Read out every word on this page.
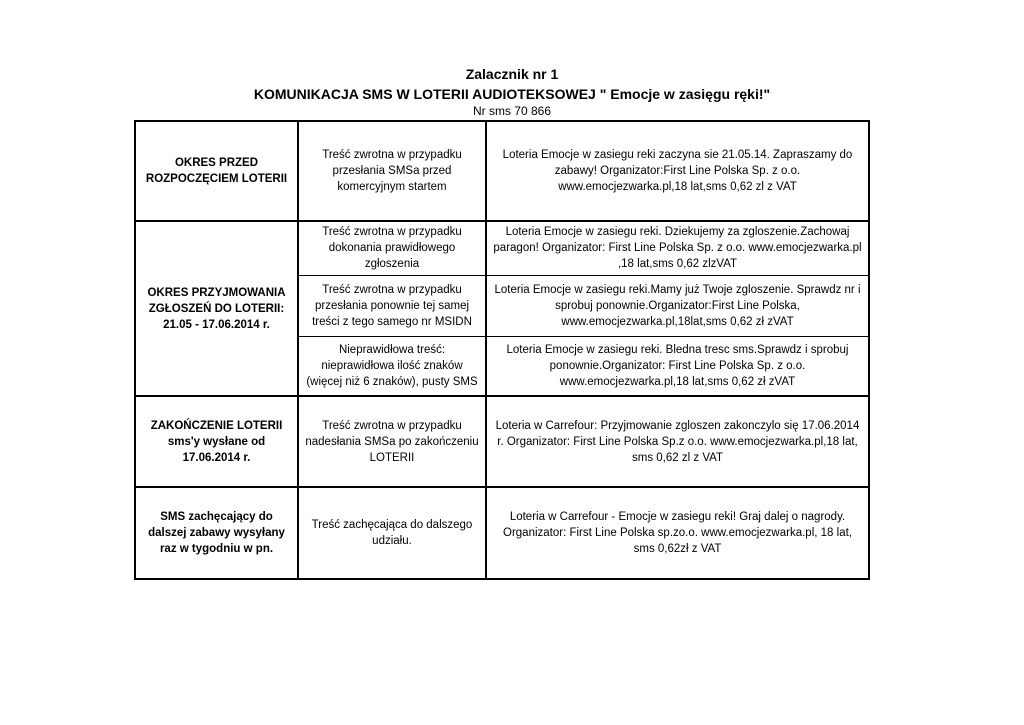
Zalacznik nr 1
KOMUNIKACJA SMS W LOTERII AUDIOTEKSOWEJ " Emocje w zasięgu ręki!"
Nr sms 70 866
OKRES PRZED ROZPOCZĘCIEM LOTERII	Treść zwrotna w przypadku przesłania SMSa przed komercyjnym startem	Loteria Emocje w zasiegu reki zaczyna sie 21.05.14. Zapraszamy do zabawy! Organizator:First Line Polska Sp. z o.o. www.emocjezwarka.pl,18 lat,sms 0,62 zl z VAT

OKRES PRZYJMOWANIA ZGŁOSZEŃ DO LOTERII: 21.05 - 17.06.2014 r.	Treść zwrotna w przypadku dokonania prawidłowego zgłoszenia	Loteria Emocje w zasiegu reki. Dziekujemy za zgloszenie.Zachowaj paragon! Organizator: First Line Polska Sp. z o.o. www.emocjezwarka.pl ,18 lat,sms 0,62 zlzVAT

	Treść zwrotna w przypadku przesłania ponownie tej samej treści z tego samego nr MSIDN	Loteria Emocje w zasiegu reki.Mamy już Twoje zgloszenie. Sprawdz nr i sprobuj ponownie.Organizator:First Line Polska, www.emocjezwarka.pl,18lat,sms 0,62 zł zVAT

	Nieprawidłowa treść: nieprawidłowa ilość znaków (więcej niż 6 znaków), pusty SMS	Loteria Emocje w zasiegu reki. Bledna tresc sms.Sprawdz i sprobuj ponownie.Organizator: First Line Polska Sp. z o.o. www.emocjezwarka.pl,18 lat,sms 0,62 zł zVAT

ZAKOŃCZENIE LOTERII sms'y wysłane od 17.06.2014 r.	Treść zwrotna w przypadku nadesłania SMSa po zakończeniu LOTERII	Loteria w Carrefour: Przyjmowanie zgloszen zakonczylo się 17.06.2014 r. Organizator: First Line Polska Sp.z o.o. www.emocjezwarka.pl,18 lat, sms 0,62 zl z VAT

SMS zachęcający do dalszej zabawy wysyłany raz w tygodniu w pn.	Treść zachęcająca do dalszego udziału.	Loteria w Carrefour - Emocje w zasiegu reki! Graj dalej o nagrody. Organizator: First Line Polska sp.zo.o. www.emocjezwarka.pl, 18 lat, sms 0,62zł z VAT
